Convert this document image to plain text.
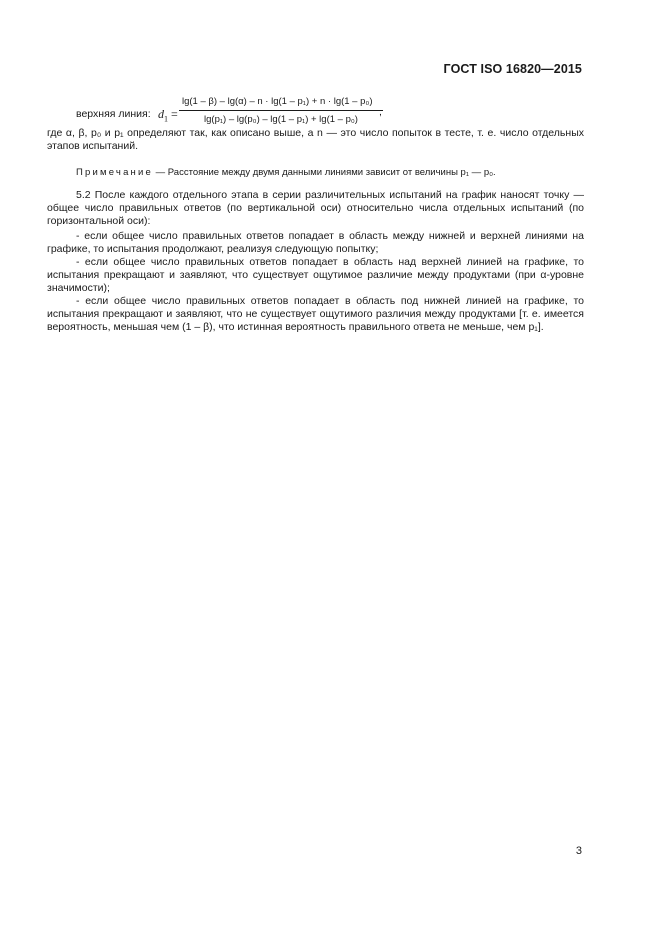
ГОСТ ISO 16820—2015
верхняя линия: $d_1$ =
lg(1 – β) – lg(α) – n · lg(1 – p₁) + n · lg(1 – p₀)
lg(p₁) – lg(p₀) – lg(1 – p₁) + lg(1 – p₀)
,

где α, β, p₀ и p₁ определяют так, как описано выше, а n — это число попыток в тесте, т. е. число отдельных этапов испытаний.

Примечание — Расстояние между двумя данными линиями зависит от величины p₁ — p₀.

5.2 После каждого отдельного этапа в серии различительных испытаний на график наносят точку — общее число правильных ответов (по вертикальной оси) относительно числа отдельных испытаний (по горизонтальной оси):

- если общее число правильных ответов попадает в область между нижней и верхней линиями на графике, то испытания продолжают, реализуя следующую попытку;

- если общее число правильных ответов попадает в область над верхней линией на графике, то испытания прекращают и заявляют, что существует ощутимое различие между продуктами (при α-уровне значимости);

- если общее число правильных ответов попадает в область под нижней линией на графике, то испытания прекращают и заявляют, что не существует ощутимого различия между продуктами [т. е. имеется вероятность, меньшая чем (1 – β), что истинная вероятность правильного ответа не меньше, чем p₁].

3
